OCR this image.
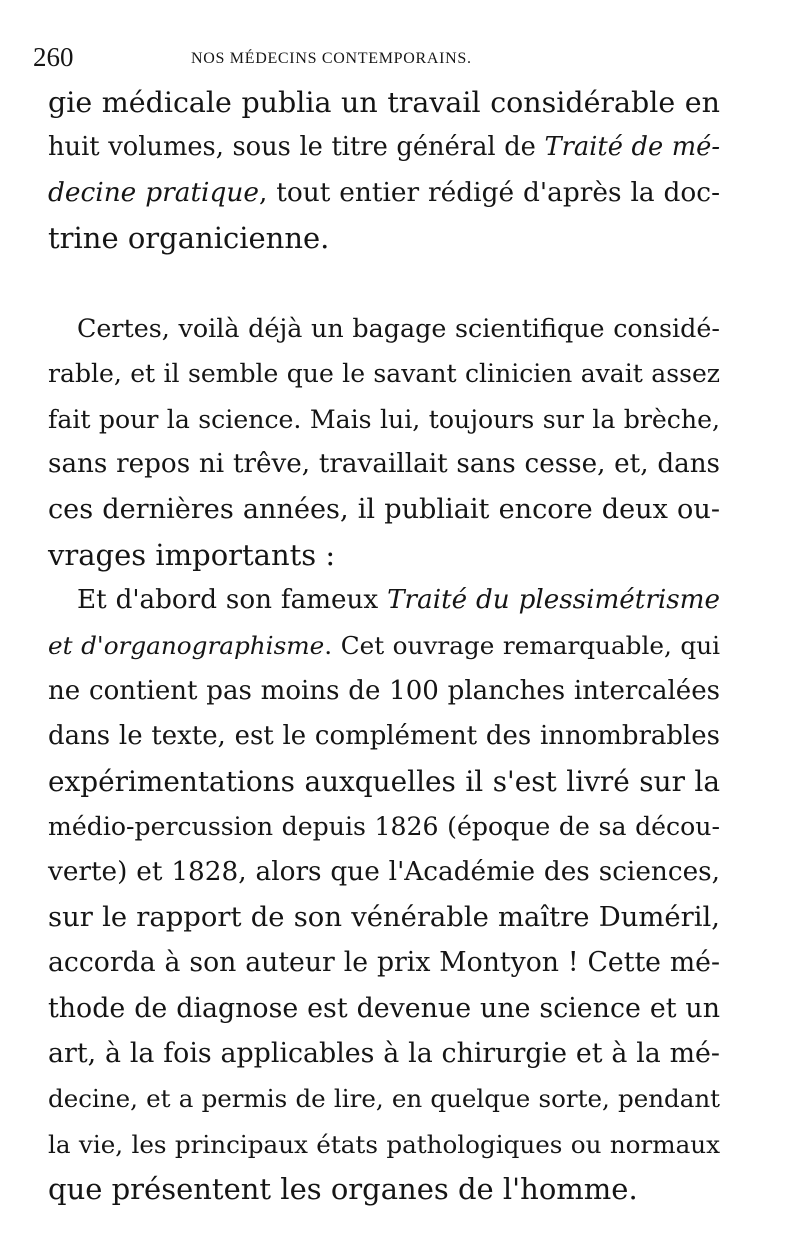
260	NOS MÉDECINS CONTEMPORAINS.
gie médicale publia un travail considérable en
huit volumes, sous le titre général de Traité de mé-
decine pratique, tout entier rédigé d'après la doc-
trine organicienne.
Certes, voilà déjà un bagage scientifique considé-
rable, et il semble que le savant clinicien avait assez
fait pour la science. Mais lui, toujours sur la brèche,
sans repos ni trêve, travaillait sans cesse, et, dans
ces dernières années, il publiait encore deux ou-
vrages importants :
Et d'abord son fameux Traité du plessimétrisme
et d'organographisme. Cet ouvrage remarquable, qui
ne contient pas moins de 100 planches intercalées
dans le texte, est le complément des innombrables
expérimentations auxquelles il s'est livré sur la
médio-percussion depuis 1826 (époque de sa décou-
verte) et 1828, alors que l'Académie des sciences,
sur le rapport de son vénérable maître Duméril,
accorda à son auteur le prix Montyon ! Cette mé-
thode de diagnose est devenue une science et un
art, à la fois applicables à la chirurgie et à la mé-
decine, et a permis de lire, en quelque sorte, pendant
la vie, les principaux états pathologiques ou normaux
que présentent les organes de l'homme.
